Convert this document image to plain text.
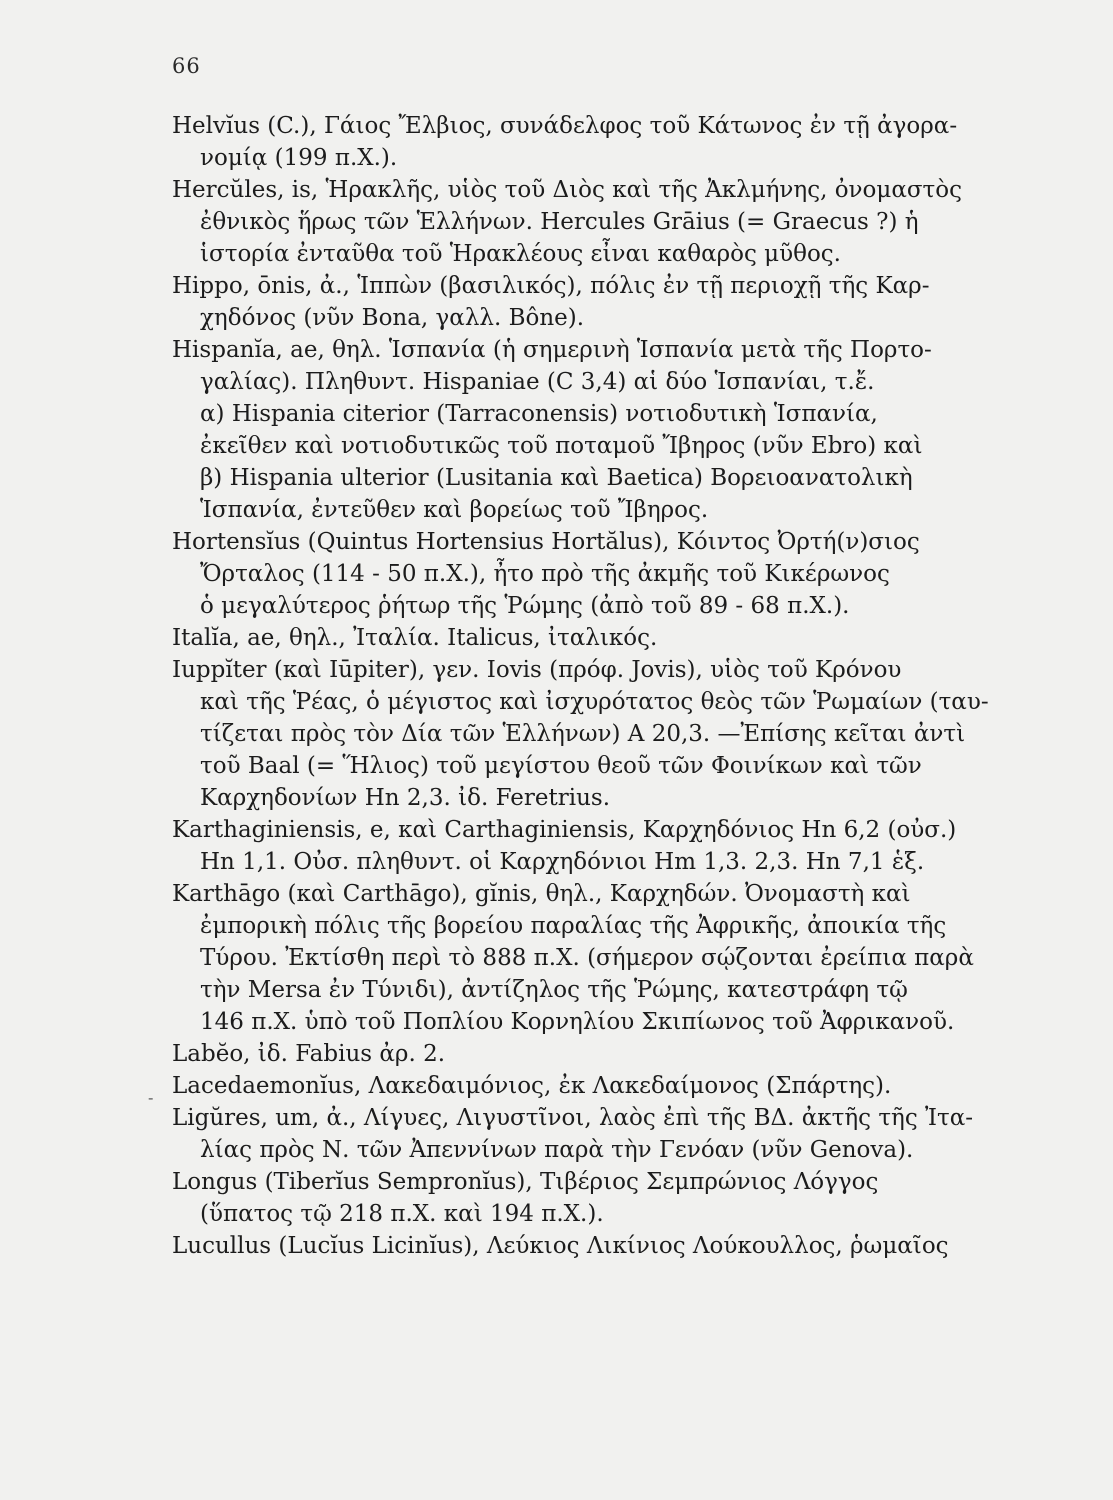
66

Helvĭus (C.), Γάιος Ἔλβιος, συνάδελφος τοῦ Κάτωνος ἐν τῇ ἀγορα-
νομίᾳ (199 π.Χ.).
Hercŭles, is, Ἡρακλῆς, υἱὸς τοῦ Διὸς καὶ τῆς Ἀκλμήνης, ὀνομαστὸς
ἐθνικὸς ἥρως τῶν Ἑλλήνων. Hercules Grāius (= Graecus ?) ἡ
ἱστορία ἐνταῦθα τοῦ Ἡρακλέους εἶναι καθαρὸς μῦθος.
Hippo, ōnis, ἀ., Ἱππὼν (βασιλικός), πόλις ἐν τῇ περιοχῇ τῆς Καρ-
χηδόνος (νῦν Bona, γαλλ. Bône).
Hispanĭa, ae, θηλ. Ἱσπανία (ἡ σημερινὴ Ἱσπανία μετὰ τῆς Πορτο-
γαλίας). Πληθυντ. Hispaniae (C 3,4) αἱ δύο Ἱσπανίαι, τ.ἔ.
α) Hispania citerior (Tarraconensis) νοτιοδυτικὴ Ἱσπανία,
ἐκεῖθεν καὶ νοτιοδυτικῶς τοῦ ποταμοῦ Ἴβηρος (νῦν Ebro) καὶ
β) Hispania ulterior (Lusitania καὶ Baetica) Βορειοανατολικὴ
Ἱσπανία, ἐντεῦθεν καὶ βορείως τοῦ Ἴβηρος.
Hortensĭus (Quintus Hortensius Hortălus), Κόιντος Ὀρτή(ν)σιος
Ὄρταλος (114 - 50 π.Χ.), ἦτο πρὸ τῆς ἀκμῆς τοῦ Κικέρωνος
ὁ μεγαλύτερος ῥήτωρ τῆς Ῥώμης (ἀπὸ τοῦ 89 - 68 π.Χ.).
Italĭa, ae, θηλ., Ἰταλία. Italicus, ἰταλικός.
Iuppĭter (καὶ Iūpiter), γεν. Iovis (πρόφ. Jovis), υἱὸς τοῦ Κρόνου
καὶ τῆς Ῥέας, ὁ μέγιστος καὶ ἰσχυρότατος θεὸς τῶν Ῥωμαίων (ταυ-
τίζεται πρὸς τὸν Δία τῶν Ἑλλήνων) A 20,3. —Ἐπίσης κεῖται ἀντὶ
τοῦ Baal (= Ἥλιος) τοῦ μεγίστου θεοῦ τῶν Φοινίκων καὶ τῶν
Καρχηδονίων Hn 2,3. ἰδ. Feretrius.
Karthaginiensis, e, καὶ Carthaginiensis, Καρχηδόνιος Hn 6,2 (οὐσ.)
Hn 1,1. Οὐσ. πληθυντ. οἱ Καρχηδόνιοι Hm 1,3. 2,3. Hn 7,1 ἑξ.
Karthāgo (καὶ Carthāgo), gĭnis, θηλ., Καρχηδών. Ὀνομαστὴ καὶ
ἐμπορικὴ πόλις τῆς βορείου παραλίας τῆς Ἀφρικῆς, ἀποικία τῆς
Τύρου. Ἐκτίσθη περὶ τὸ 888 π.Χ. (σήμερον σῴζονται ἐρείπια παρὰ
τὴν Mersa ἐν Τύνιδι), ἀντίζηλος τῆς Ῥώμης, κατεστράφη τῷ
146 π.Χ. ὑπὸ τοῦ Ποπλίου Κορνηλίου Σκιπίωνος τοῦ Ἀφρικανοῦ.
Labĕo, ἰδ. Fabius ἀρ. 2.
Lacedaemonĭus, Λακεδαιμόνιος, ἐκ Λακεδαίμονος (Σπάρτης).
Ligŭres, um, ἀ., Λίγυες, Λιγυστῖνοι, λαὸς ἐπὶ τῆς ΒΔ. ἀκτῆς τῆς Ἰτα-
λίας πρὸς Ν. τῶν Ἀπεννίνων παρὰ τὴν Γενόαν (νῦν Genova).
Longus (Tiberĭus Sempronĭus), Τιβέριος Σεμπρώνιος Λόγγος
(ὕπατος τῷ 218 π.Χ. καὶ 194 π.Χ.).
Lucullus (Lucĭus Licinĭus), Λεύκιος Λικίνιος Λούκουλλος, ῥωμαῖος
‐
